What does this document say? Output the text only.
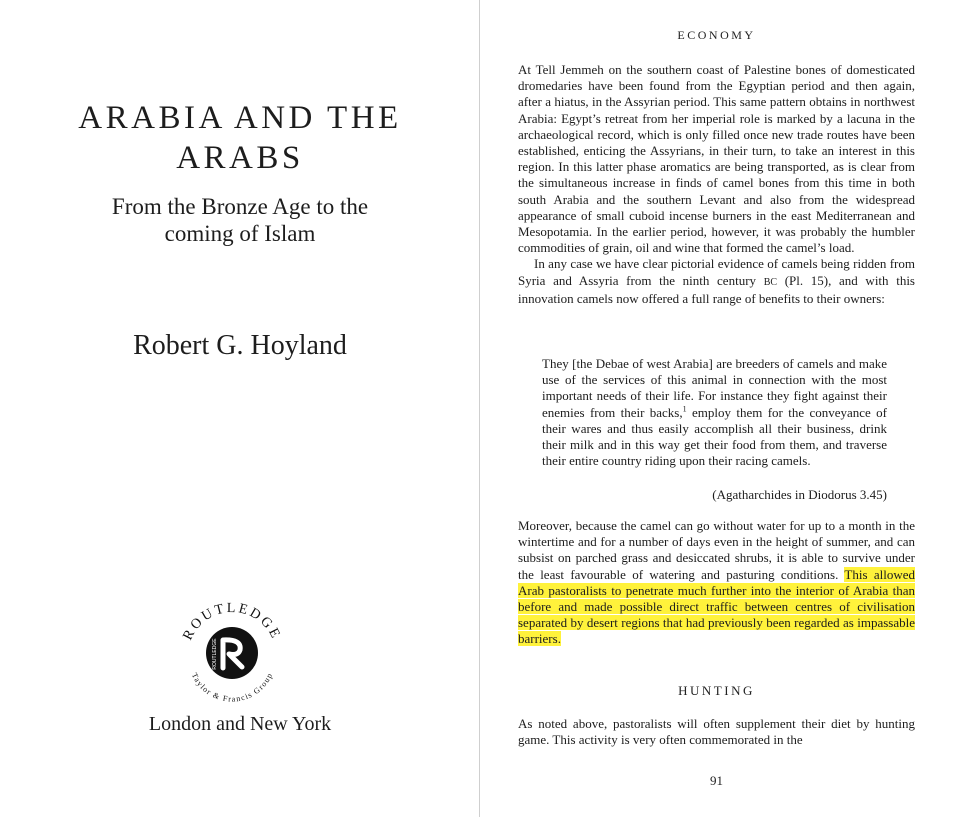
ARABIA AND THE ARABS
From the Bronze Age to the coming of Islam
Robert G. Hoyland
ROUTLEDGE
Taylor & Francis Group
ROUTLEDGE
London and New York
ECONOMY

At Tell Jemmeh on the southern coast of Palestine bones of domesticated dromedaries have been found from the Egyptian period and then again, after a hiatus, in the Assyrian period. This same pattern obtains in northwest Arabia: Egypt’s retreat from her imperial role is marked by a lacuna in the archaeological record, which is only filled once new trade routes have been established, enticing the Assyrians, in their turn, to take an interest in this region. In this latter phase aromatics are being transported, as is clear from the simultaneous increase in finds of camel bones from this time in both south Arabia and the southern Levant and also from the widespread appearance of small cuboid incense burners in the east Mediterranean and Mesopotamia. In the earlier period, however, it was probably the humbler commodities of grain, oil and wine that formed the camel’s load.

In any case we have clear pictorial evidence of camels being ridden from Syria and Assyria from the ninth century BC (Pl. 15), and with this innovation camels now offered a full range of benefits to their owners:

They [the Debae of west Arabia] are breeders of camels and make use of the services of this animal in connection with the most important needs of their life. For instance they fight against their enemies from their backs,$^1$ employ them for the conveyance of their wares and thus easily accomplish all their business, drink their milk and in this way get their food from them, and traverse their entire country riding upon their racing camels.

(Agatharchides in Diodorus 3.45)

Moreover, because the camel can go without water for up to a month in the wintertime and for a number of days even in the height of summer, and can subsist on parched grass and desiccated shrubs, it is able to survive under the least favourable of watering and pasturing conditions. This allowed Arab pastoralists to penetrate much further into the interior of Arabia than before and made possible direct traffic between centres of civilisation separated by desert regions that had previously been regarded as impassable barriers.

HUNTING

As noted above, pastoralists will often supplement their diet by hunting game. This activity is very often commemorated in the

91
